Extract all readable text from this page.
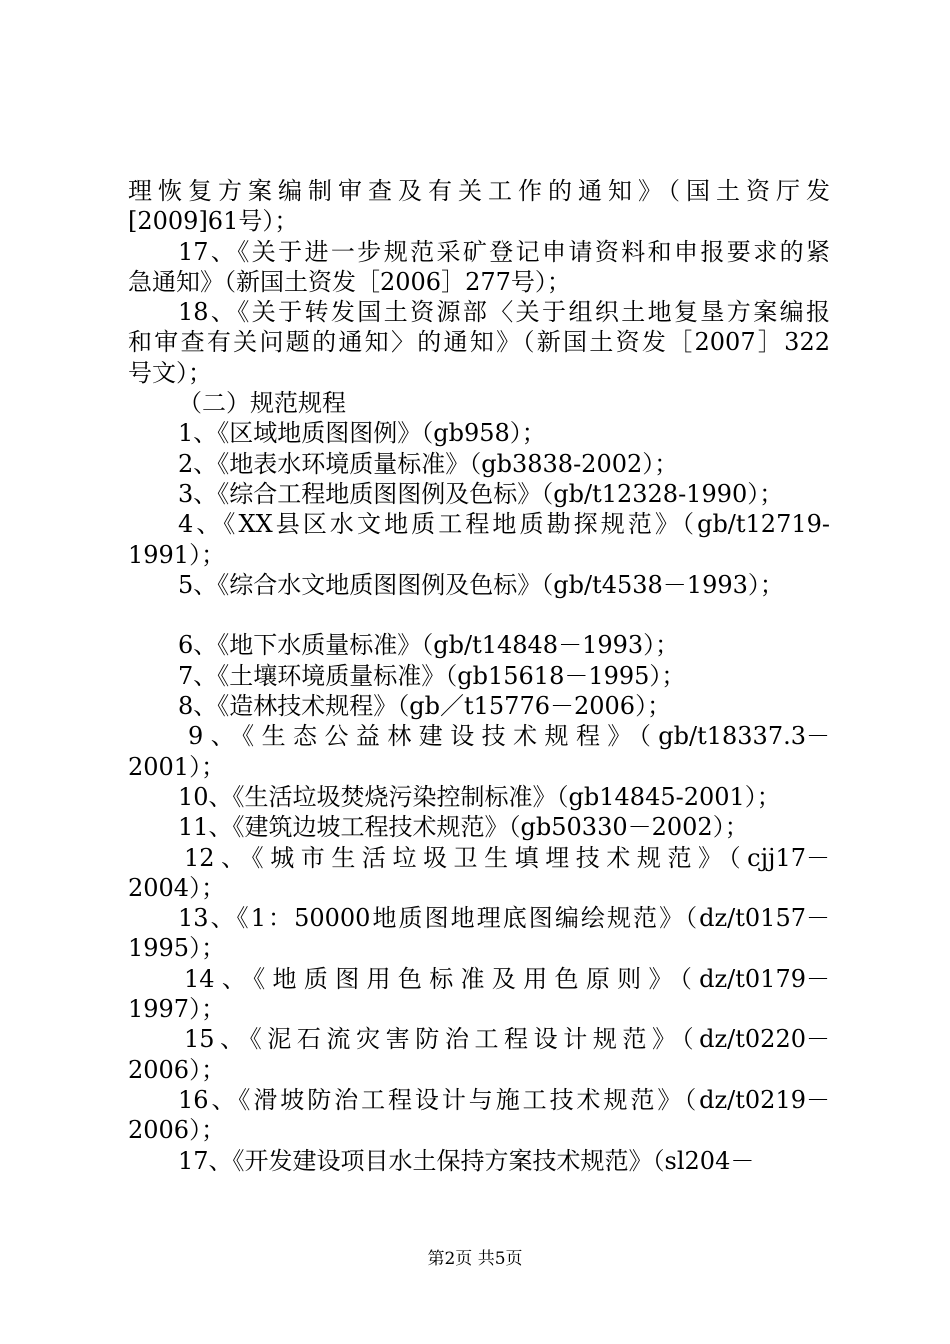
理恢复方案编制审查及有关工作的通知》（国土资厅发
[2009]61号）；
17、《关于进一步规范采矿登记申请资料和申报要求的紧
急通知》（新国土资发［2006］277号）；
18、《关于转发国土资源部〈关于组织土地复垦方案编报
和审查有关问题的通知〉的通知》（新国土资发［2007］322
号文）；
（二）规范规程
1、《区域地质图图例》（gb958）；
2、《地表水环境质量标准》（gb3838-2002）；
3、《综合工程地质图图例及色标》（gb/t12328-1990）；
4、《XX县区水文地质工程地质勘探规范》（gb/t12719-
1991）；
5、《综合水文地质图图例及色标》（gb/t4538－1993）；
6、《地下水质量标准》（gb/t14848－1993）；
7、《土壤环境质量标准》（gb15618－1995）；
8、《造林技术规程》（gb／t15776－2006）；
9、《生态公益林建设技术规程》（gb/t18337.3－
2001）；
10、《生活垃圾焚烧污染控制标准》（gb14845-2001）；
11、《建筑边坡工程技术规范》（gb50330－2002）；
12、《城市生活垃圾卫生填埋技术规范》（cjj17－
2004）；
13、《1：50000地质图地理底图编绘规范》（dz/t0157－
1995）；
14、《地质图用色标准及用色原则》（dz/t0179－
1997）；
15、《泥石流灾害防治工程设计规范》（dz/t0220－
2006）；
16、《滑坡防治工程设计与施工技术规范》（dz/t0219－
2006）；
17、《开发建设项目水土保持方案技术规范》（sl204－
第2页 共5页
